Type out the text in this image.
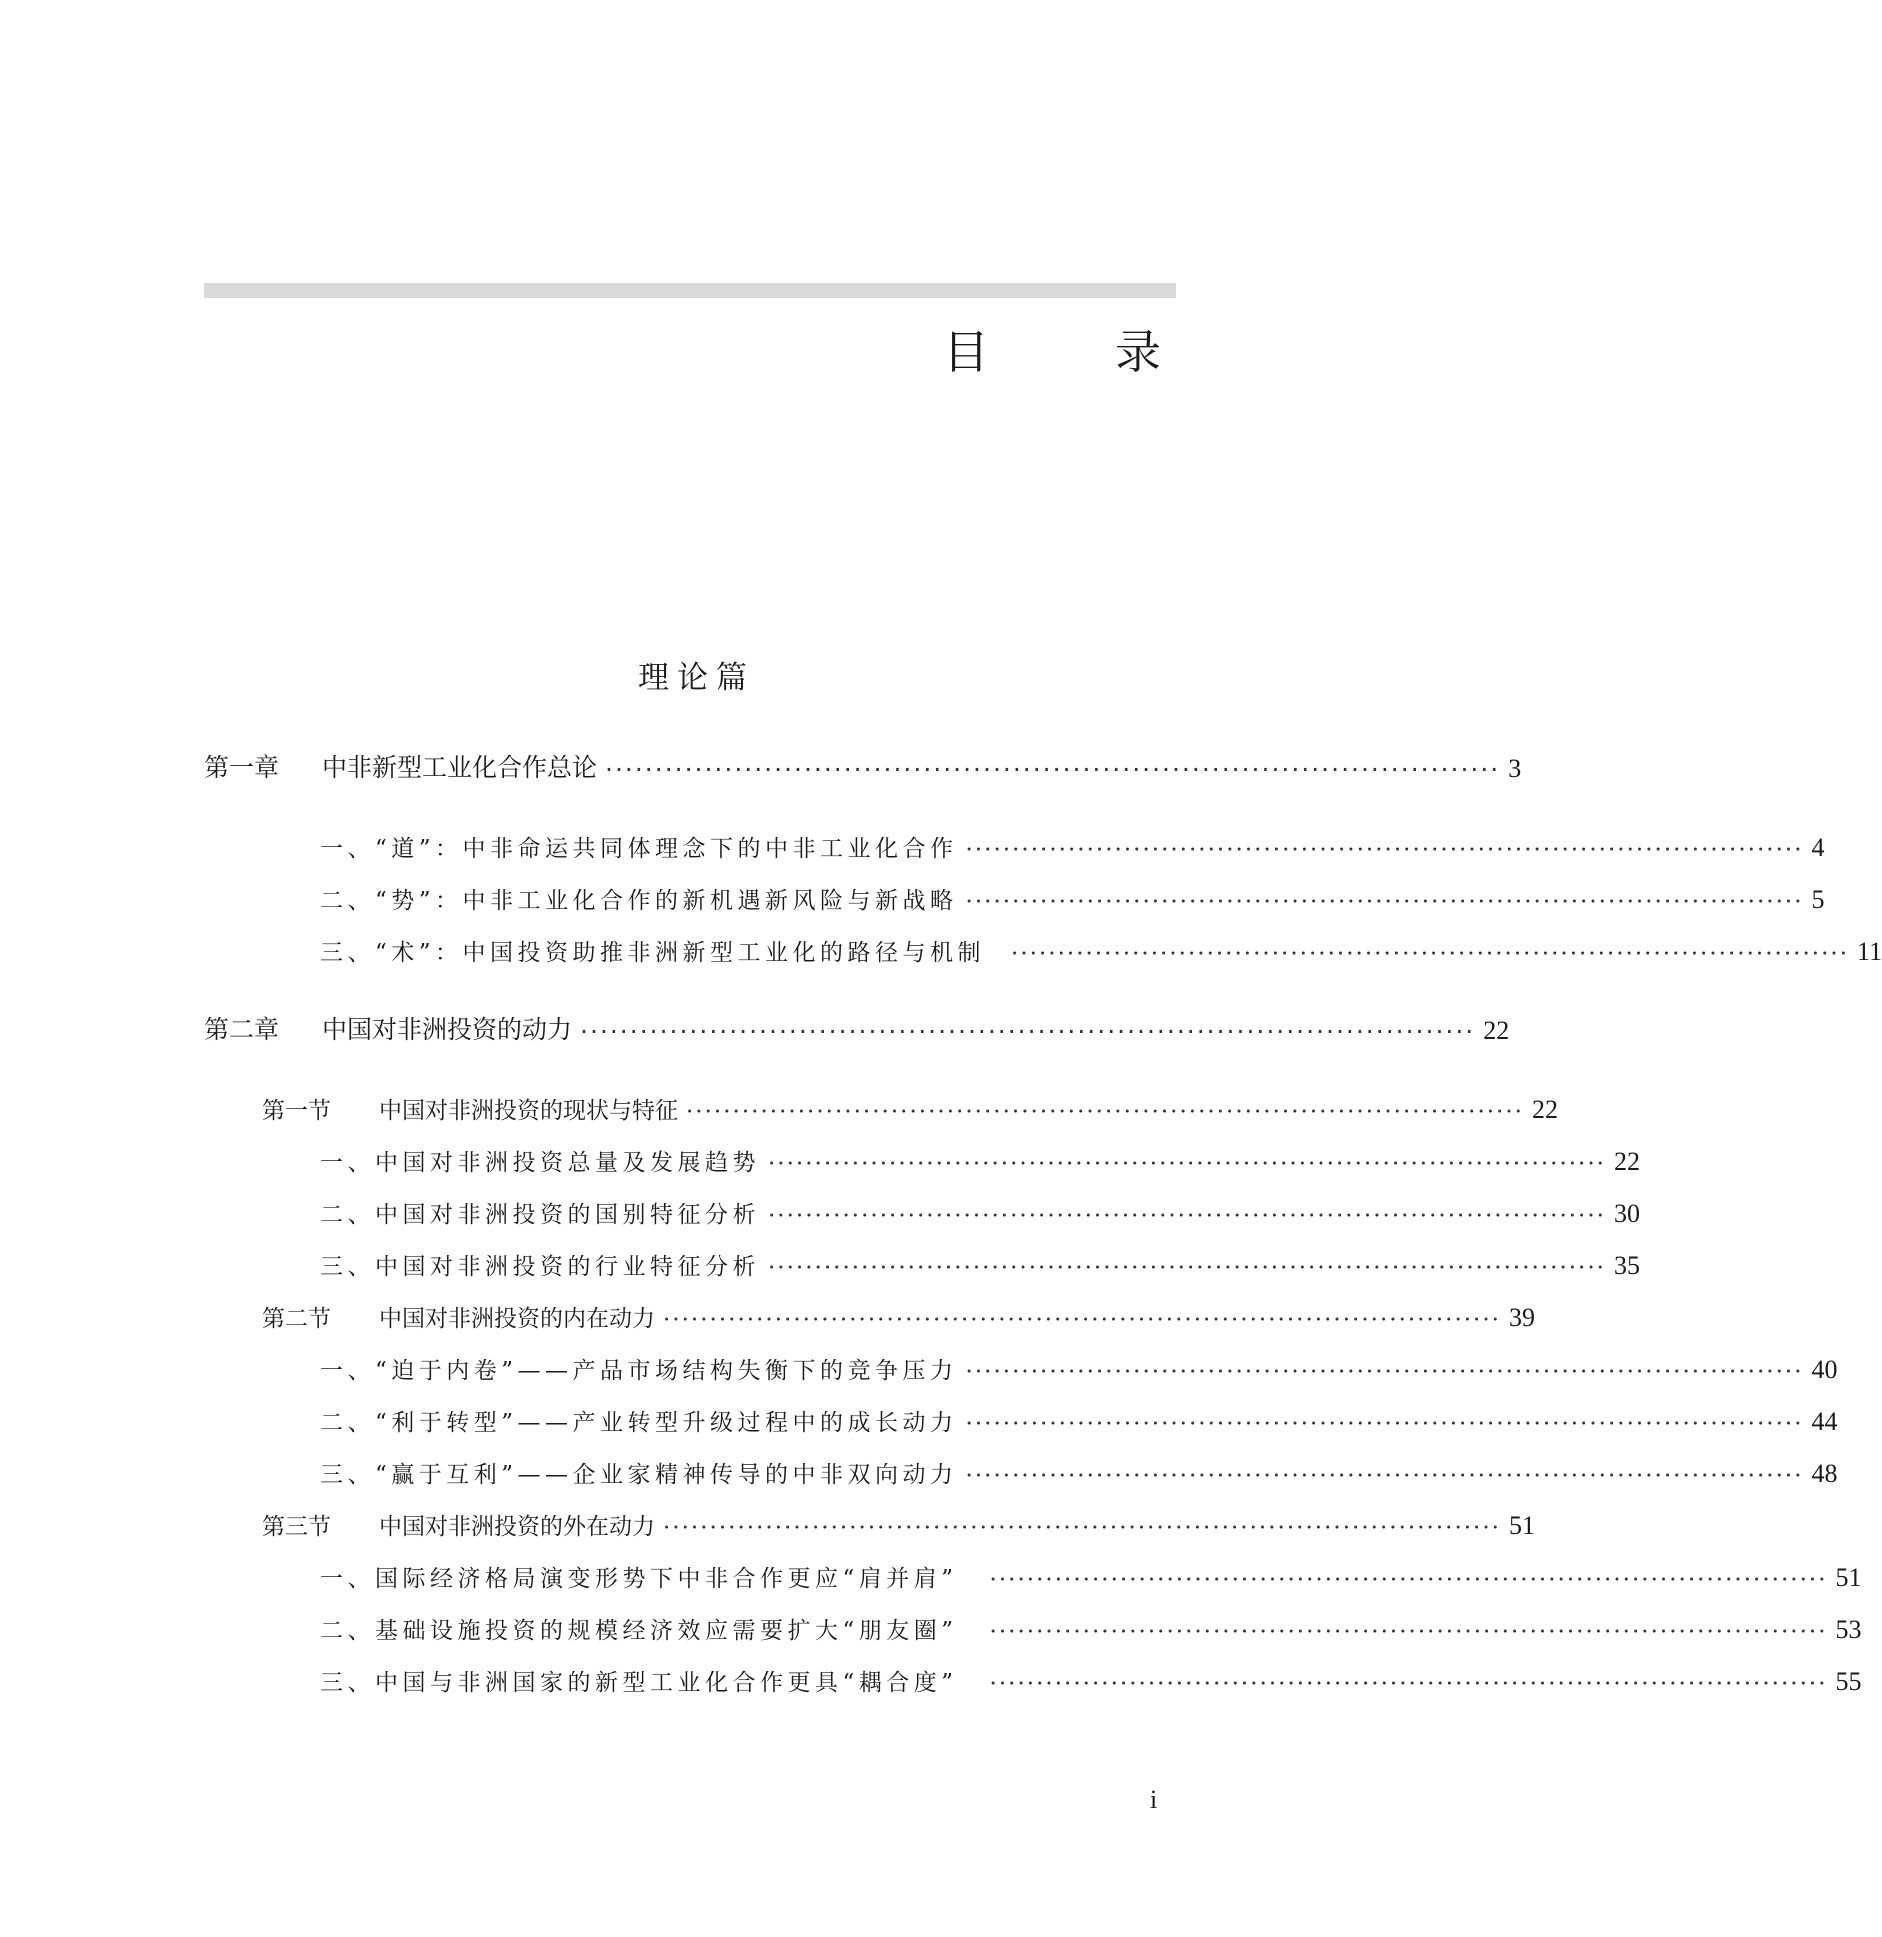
目　录
理论篇
第一章	中非新型工业化合作总论 ·························································································· 3
一、“道”：中非命运共同体理念下的中非工业化合作 ·························································································· 4
二、“势”：中非工业化合作的新机遇新风险与新战略 ·························································································· 5
三、“术”：中国投资助推非洲新型工业化的路径与机制 ·························································································· 11
第二章	中国对非洲投资的动力 ·························································································· 22
第一节	中国对非洲投资的现状与特征 ·························································································· 22
一、中国对非洲投资总量及发展趋势 ·························································································· 22
二、中国对非洲投资的国别特征分析 ·························································································· 30
三、中国对非洲投资的行业特征分析 ·························································································· 35
第二节	中国对非洲投资的内在动力 ·························································································· 39
一、“迫于内卷”——产品市场结构失衡下的竞争压力 ·························································································· 40
二、“利于转型”——产业转型升级过程中的成长动力 ·························································································· 44
三、“赢于互利”——企业家精神传导的中非双向动力 ·························································································· 48
第三节	中国对非洲投资的外在动力 ·························································································· 51
一、国际经济格局演变形势下中非合作更应“肩并肩” ·························································································· 51
二、基础设施投资的规模经济效应需要扩大“朋友圈” ·························································································· 53
三、中国与非洲国家的新型工业化合作更具“耦合度” ·························································································· 55
i
